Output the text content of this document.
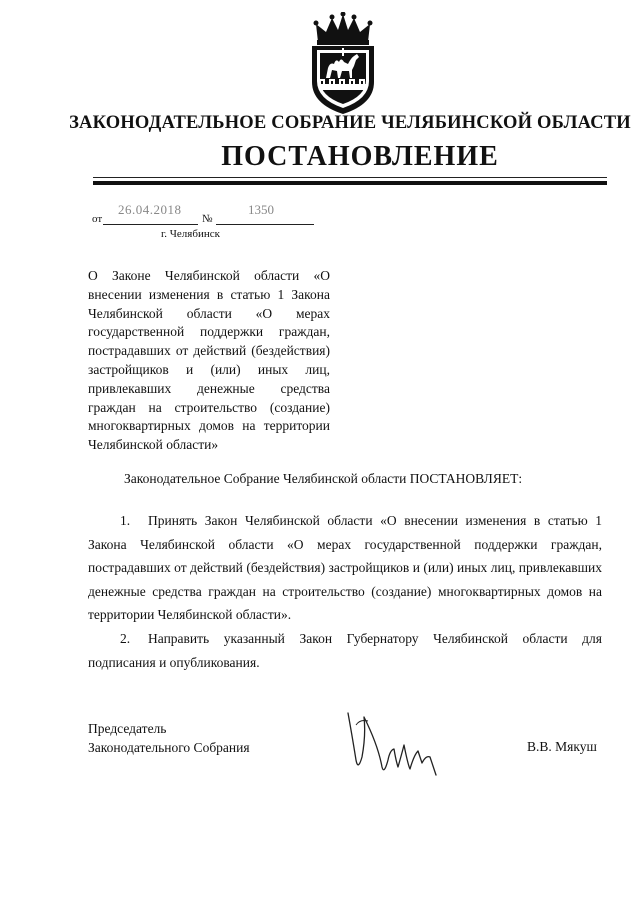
ЗАКОНОДАТЕЛЬНОЕ СОБРАНИЕ ЧЕЛЯБИНСКОЙ ОБЛАСТИ
ПОСТАНОВЛЕНИЕ
от
26.04.2018
№
1350
г. Челябинск
О Законе Челябинской области «О внесении изменения в статью 1 Закона Челябинской области «О мерах государственной поддержки граждан, пострадавших от действий (бездействия) застройщиков и (или) иных лиц, привлекавших денежные средства граждан на строительство (создание) многоквартирных домов на территории Челябинской области»
Законодательное Собрание Челябинской области ПОСТАНОВЛЯЕТ:
1. Принять Закон Челябинской области «О внесении изменения в статью 1 Закона Челябинской области «О мерах государственной поддержки граждан, пострадавших от действий (бездействия) застройщиков и (или) иных лиц, привлекавших денежные средства граждан на строительство (создание) многоквартирных домов на территории Челябинской области».
2. Направить указанный Закон Губернатору Челябинской области для подписания и опубликования.
Председатель
Законодательного Собрания	В.В. Мякуш
